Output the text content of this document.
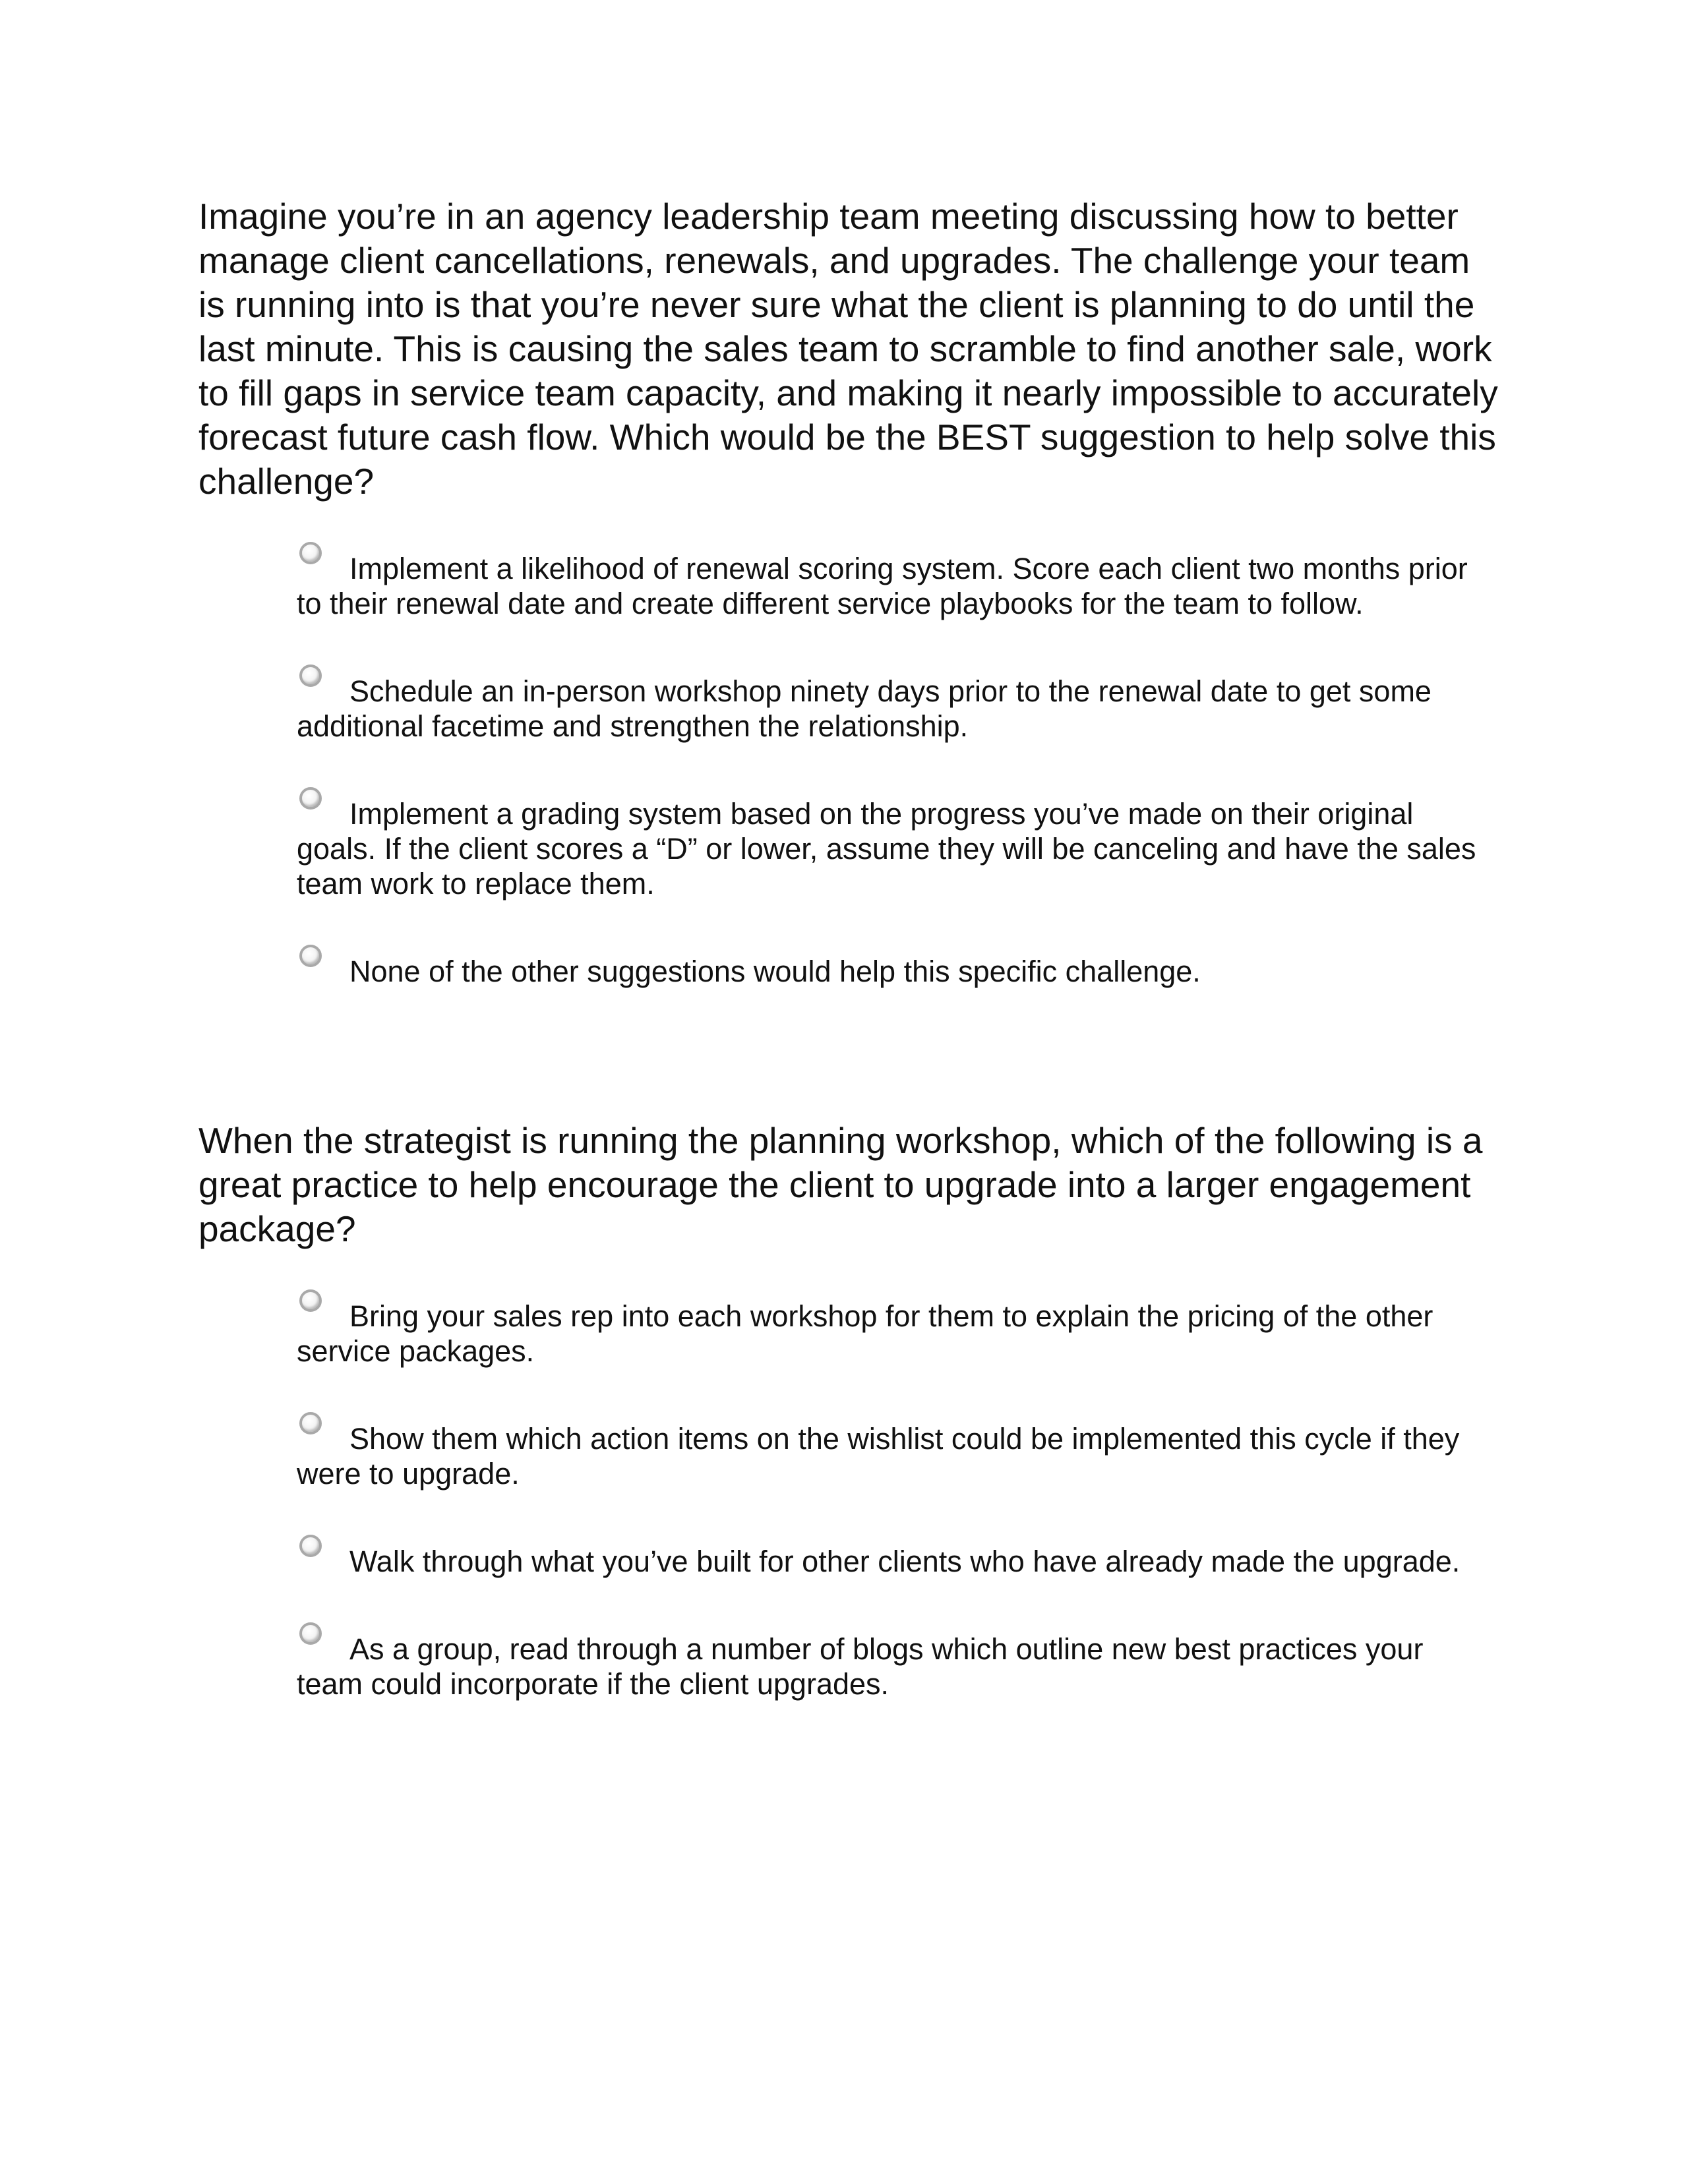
Imagine you’re in an agency leadership team meeting discussing how to better manage client cancellations, renewals, and upgrades. The challenge your team is running into is that you’re never sure what the client is planning to do until the last minute. This is causing the sales team to scramble to find another sale, work to fill gaps in service team capacity, and making it nearly impossible to accurately forecast future cash flow. Which would be the BEST suggestion to help solve this challenge?

Implement a likelihood of renewal scoring system. Score each client two months prior to their renewal date and create different service playbooks for the team to follow.
Schedule an in-person workshop ninety days prior to the renewal date to get some additional facetime and strengthen the relationship.
Implement a grading system based on the progress you’ve made on their original goals. If the client scores a “D” or lower, assume they will be canceling and have the sales team work to replace them.
None of the other suggestions would help this specific challenge.

When the strategist is running the planning workshop, which of the following is a great practice to help encourage the client to upgrade into a larger engagement package?

Bring your sales rep into each workshop for them to explain the pricing of the other service packages.
Show them which action items on the wishlist could be implemented this cycle if they were to upgrade.
Walk through what you’ve built for other clients who have already made the upgrade.
As a group, read through a number of blogs which outline new best practices your team could incorporate if the client upgrades.
